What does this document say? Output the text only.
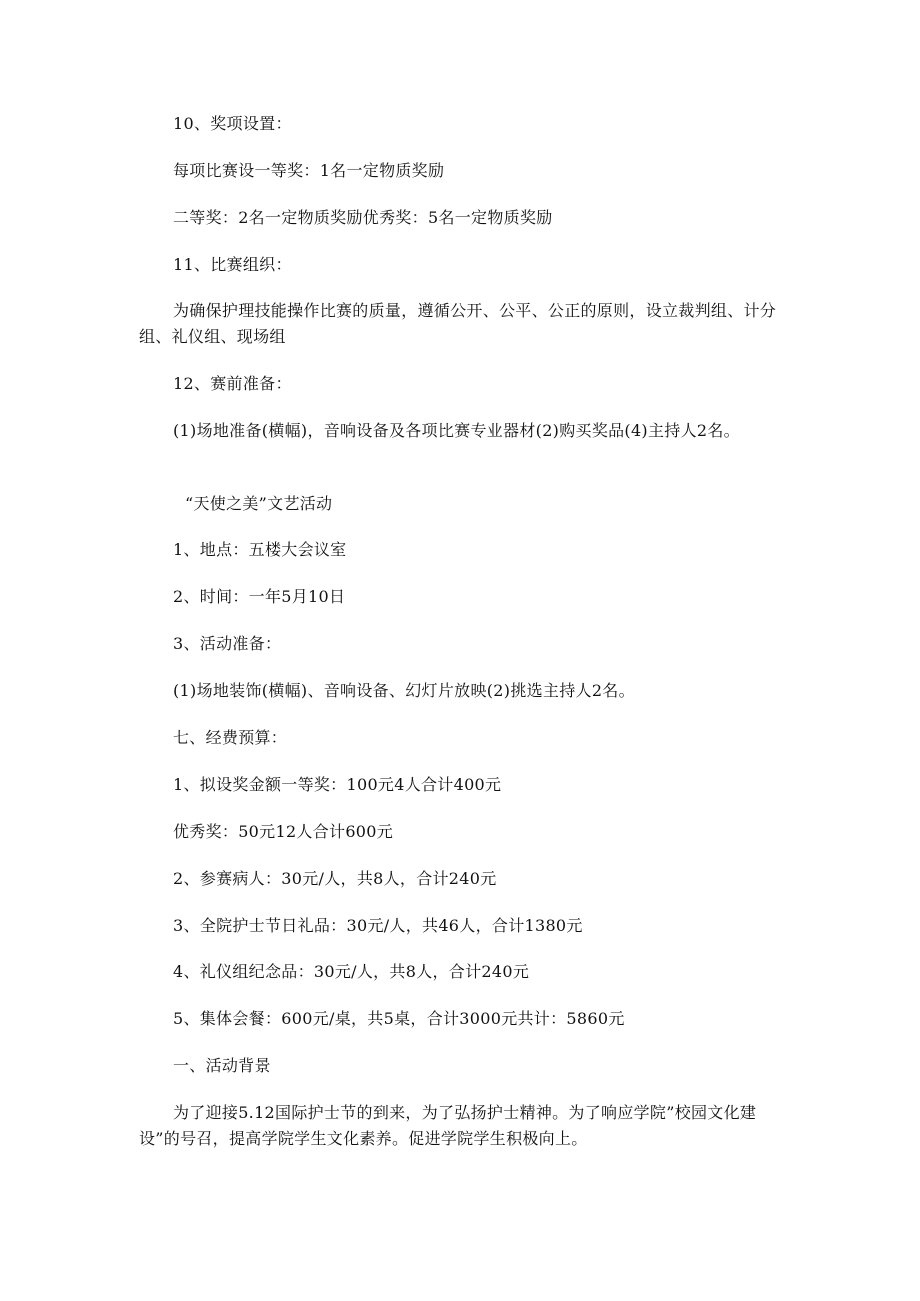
10、奖项设置：

每项比赛设一等奖：1名一定物质奖励

二等奖：2名一定物质奖励优秀奖：5名一定物质奖励

11、比赛组织：

为确保护理技能操作比赛的质量，遵循公开、公平、公正的原则，设立裁判组、计分组、礼仪组、现场组

12、赛前准备：

(1)场地准备(横幅)，音响设备及各项比赛专业器材(2)购买奖品(4)主持人2名。

“天使之美”文艺活动

1、地点：五楼大会议室

2、时间：一年5月10日

3、活动准备：

(1)场地装饰(横幅)、音响设备、幻灯片放映(2)挑选主持人2名。

七、经费预算：

1、拟设奖金额一等奖：100元4人合计400元

优秀奖：50元12人合计600元

2、参赛病人：30元/人，共8人，合计240元

3、全院护士节日礼品：30元/人，共46人，合计1380元

4、礼仪组纪念品：30元/人，共8人，合计240元

5、集体会餐：600元/桌，共5桌，合计3000元共计：5860元

一、活动背景

为了迎接5.12国际护士节的到来，为了弘扬护士精神。为了响应学院”校园文化建设”的号召，提高学院学生文化素养。促进学院学生积极向上。
